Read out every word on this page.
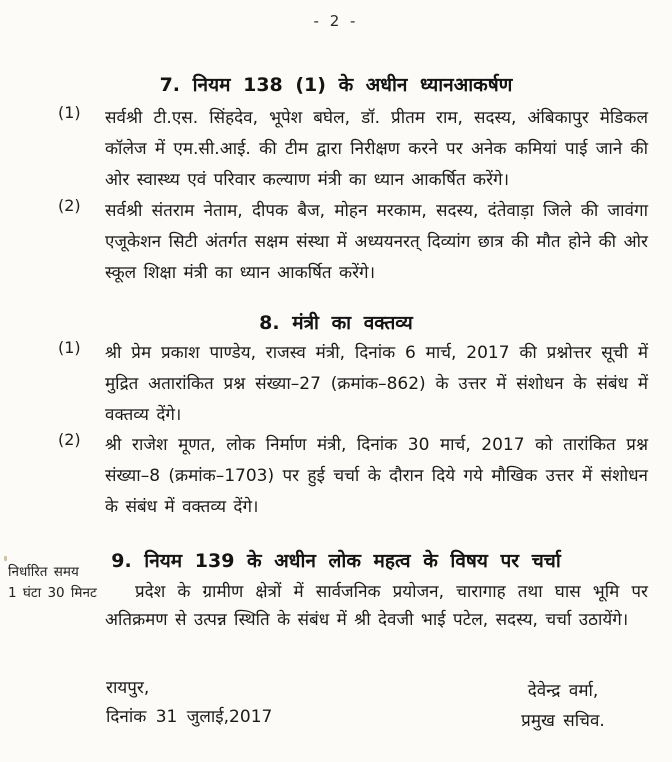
- 2 -
7. नियम 138 (1) के अधीन ध्यानआकर्षण
(1) सर्वश्री टी.एस. सिंहदेव, भूपेश बघेल, डॉ. प्रीतम राम, सदस्य, अंबिकापुर मेडिकल कॉलेज में एम.सी.आई. की टीम द्वारा निरीक्षण करने पर अनेक कमियां पाई जाने की ओर स्वास्थ्य एवं परिवार कल्याण मंत्री का ध्यान आकर्षित करेंगे।
(2) सर्वश्री संतराम नेताम, दीपक बैज, मोहन मरकाम, सदस्य, दंतेवाड़ा जिले की जावंगा एजूकेशन सिटी अंतर्गत सक्षम संस्था में अध्ययनरत् दिव्यांग छात्र की मौत होने की ओर स्कूल शिक्षा मंत्री का ध्यान आकर्षित करेंगे।
8. मंत्री का वक्तव्य
(1) श्री प्रेम प्रकाश पाण्डेय, राजस्व मंत्री, दिनांक 6 मार्च, 2017 की प्रश्नोत्तर सूची में मुद्रित अतारांकित प्रश्न संख्या–27 (क्रमांक–862) के उत्तर में संशोधन के संबंध में वक्तव्य देंगे।
(2) श्री राजेश मूणत, लोक निर्माण मंत्री, दिनांक 30 मार्च, 2017 को तारांकित प्रश्न संख्या–8 (क्रमांक–1703) पर हुई चर्चा के दौरान दिये गये मौखिक उत्तर में संशोधन के संबंध में वक्तव्य देंगे।
9. नियम 139 के अधीन लोक महत्व के विषय पर चर्चा
निर्धारित समय
1 घंटा 30 मिनट	प्रदेश के ग्रामीण क्षेत्रों में सार्वजनिक प्रयोजन, चारागाह तथा घास भूमि पर अतिक्रमण से उत्पन्न स्थिति के संबंध में श्री देवजी भाई पटेल, सदस्य, चर्चा उठायेंगे।
रायपुर,
दिनांक 31 जुलाई,2017
देवेन्द्र वर्मा,
प्रमुख सचिव.
